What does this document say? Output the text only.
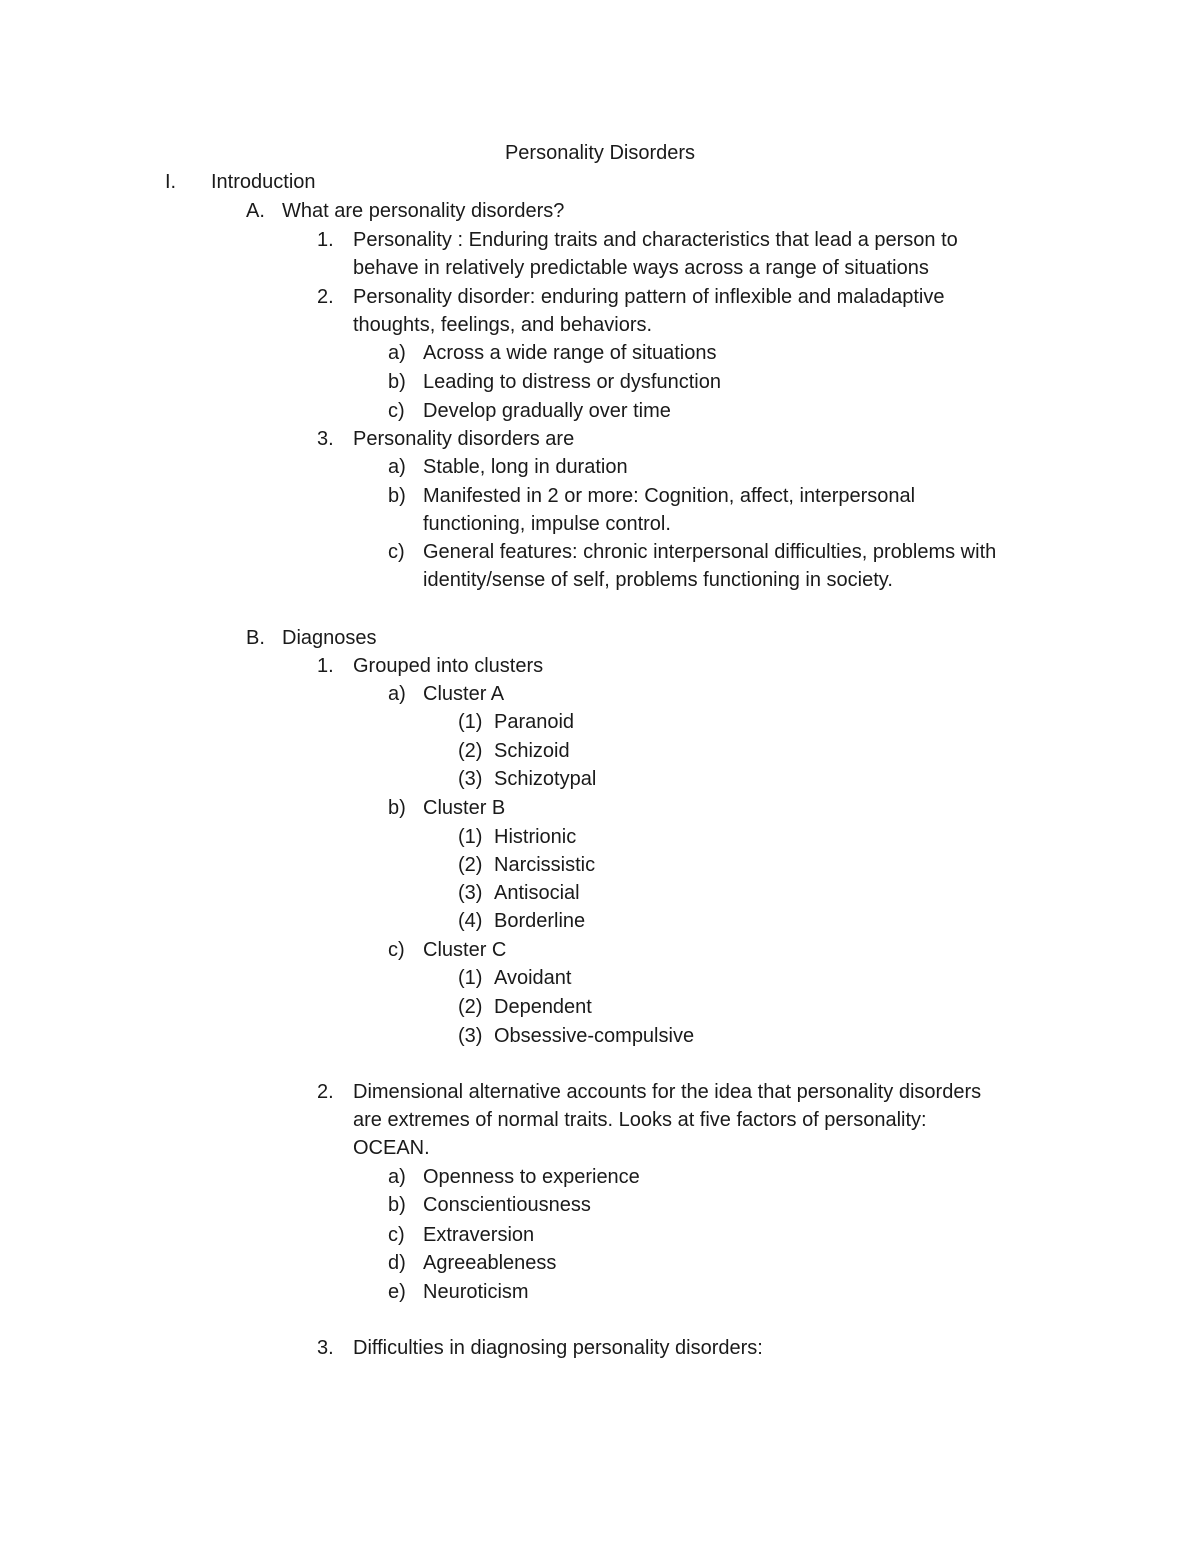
Personality Disorders
I. Introduction
A. What are personality disorders?
1. Personality : Enduring traits and characteristics that lead a person to
behave in relatively predictable ways across a range of situations
2. Personality disorder: enduring pattern of inflexible and maladaptive
thoughts, feelings, and behaviors.
a) Across a wide range of situations
b) Leading to distress or dysfunction
c) Develop gradually over time
3. Personality disorders are
a) Stable, long in duration
b) Manifested in 2 or more: Cognition, affect, interpersonal
functioning, impulse control.
c) General features: chronic interpersonal difficulties, problems with
identity/sense of self, problems functioning in society.
B. Diagnoses
1. Grouped into clusters
a) Cluster A
(1) Paranoid
(2) Schizoid
(3) Schizotypal
b) Cluster B
(1) Histrionic
(2) Narcissistic
(3) Antisocial
(4) Borderline
c) Cluster C
(1) Avoidant
(2) Dependent
(3) Obsessive-compulsive
2. Dimensional alternative accounts for the idea that personality disorders
are extremes of normal traits. Looks at five factors of personality:
OCEAN.
a) Openness to experience
b) Conscientiousness
c) Extraversion
d) Agreeableness
e) Neuroticism
3. Difficulties in diagnosing personality disorders:
